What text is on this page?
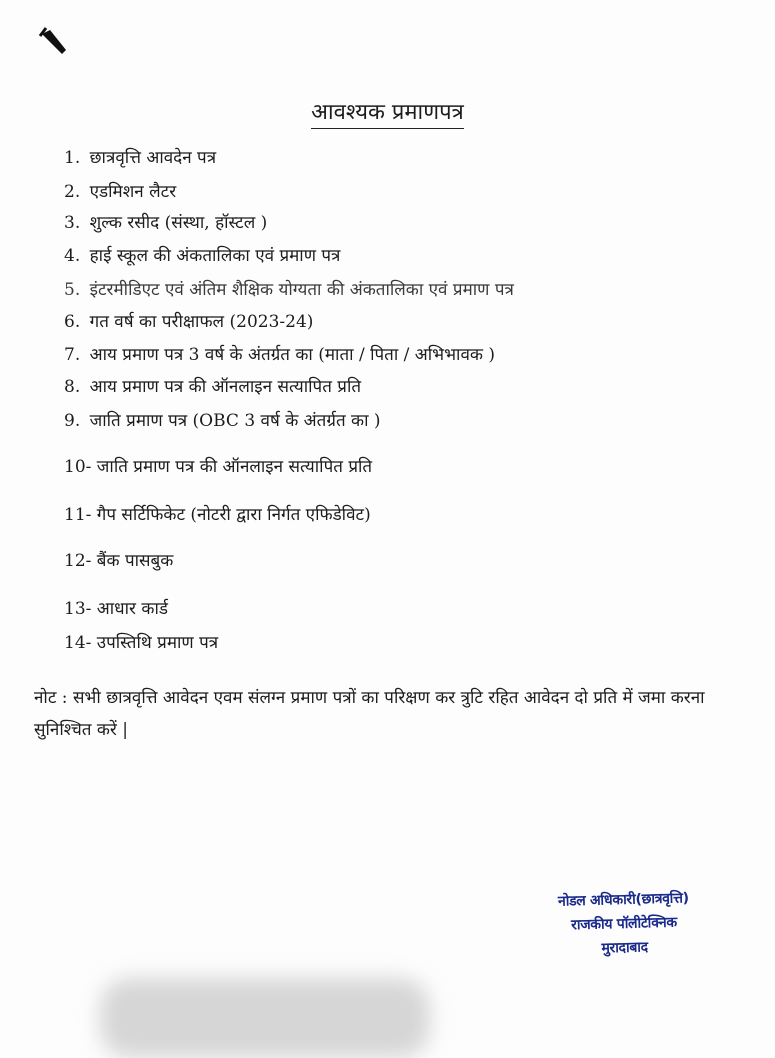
आवश्यक प्रमाणपत्र
1. छात्रवृत्ति आवदेन पत्र
2. एडमिशन लैटर
3. शुल्क रसीद (संस्था, हॉस्टल )
4. हाई स्कूल की अंकतालिका एवं प्रमाण पत्र
5. इंटरमीडिएट एवं अंतिम शैक्षिक योग्यता की अंकतालिका एवं प्रमाण पत्र
6. गत वर्ष का परीक्षाफल (2023-24)
7. आय प्रमाण पत्र 3 वर्ष के अंतर्ग्रत का (माता / पिता / अभिभावक )
8. आय प्रमाण पत्र की ऑनलाइन सत्यापित प्रति
9. जाति प्रमाण पत्र (OBC 3 वर्ष के अंतर्ग्रत का )
10- जाति प्रमाण पत्र की ऑनलाइन सत्यापित प्रति
11- गैप सर्टिफिकेट (नोटरी द्वारा निर्गत एफिडेविट)
12- बैंक पासबुक
13- आधार कार्ड
14- उपस्तिथि प्रमाण पत्र
नोट : सभी छात्रवृत्ति आवेदन एवम संलग्न प्रमाण पत्रों का परिक्षण कर त्रुटि रहित आवेदन दो प्रति में जमा करना सुनिश्चित करें |
नोडल अधिकारी(छात्रवृत्ति)
राजकीय पॉलीटेक्निक
मुरादाबाद
